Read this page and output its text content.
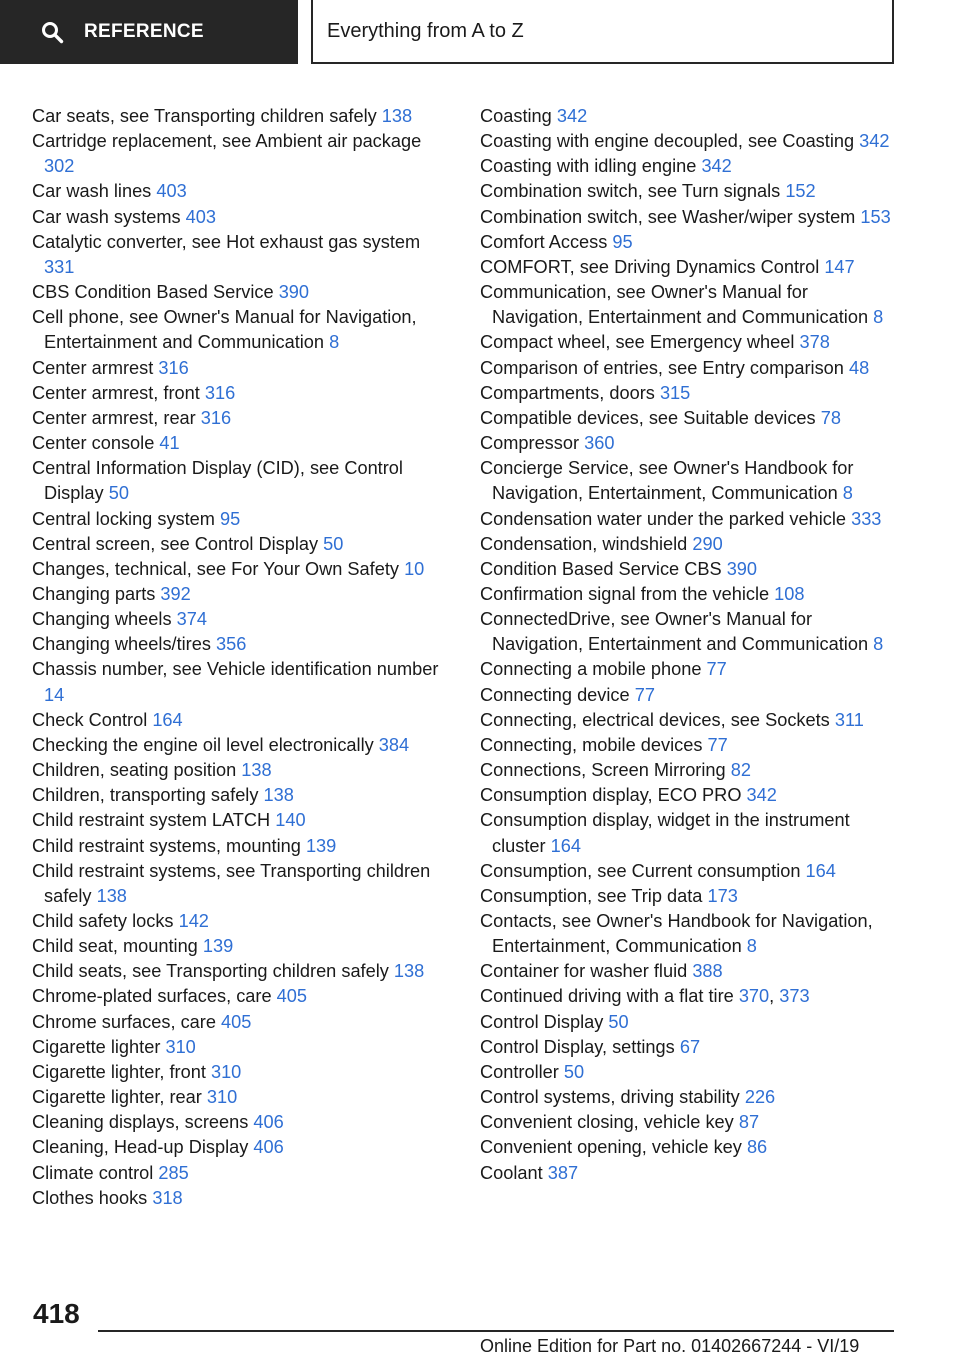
REFERENCE	Everything from A to Z

Car seats, see Transporting children safely 138

Cartridge replacement, see Ambient air package 302

Car wash lines 403

Car wash systems 403

Catalytic converter, see Hot exhaust gas system 331

CBS Condition Based Service 390

Cell phone, see Owner's Manual for Navigation, Entertainment and Communication 8

Center armrest 316

Center armrest, front 316

Center armrest, rear 316

Center console 41

Central Information Display (CID), see Control Display 50

Central locking system 95

Central screen, see Control Display 50

Changes, technical, see For Your Own Safety 10

Changing parts 392

Changing wheels 374

Changing wheels/tires 356

Chassis number, see Vehicle identification number 14

Check Control 164

Checking the engine oil level electronically 384

Children, seating position 138

Children, transporting safely 138

Child restraint system LATCH 140

Child restraint systems, mounting 139

Child restraint systems, see Transporting children safely 138

Child safety locks 142

Child seat, mounting 139

Child seats, see Transporting children safely 138

Chrome-plated surfaces, care 405

Chrome surfaces, care 405

Cigarette lighter 310

Cigarette lighter, front 310

Cigarette lighter, rear 310

Cleaning displays, screens 406

Cleaning, Head-up Display 406

Climate control 285

Clothes hooks 318

Coasting 342

Coasting with engine decoupled, see Coasting 342

Coasting with idling engine 342

Combination switch, see Turn signals 152

Combination switch, see Washer/wiper system 153

Comfort Access 95

COMFORT, see Driving Dynamics Control 147

Communication, see Owner's Manual for Navigation, Entertainment and Communication 8

Compact wheel, see Emergency wheel 378

Comparison of entries, see Entry comparison 48

Compartments, doors 315

Compatible devices, see Suitable devices 78

Compressor 360

Concierge Service, see Owner's Handbook for Navigation, Entertainment, Communication 8

Condensation water under the parked vehicle 333

Condensation, windshield 290

Condition Based Service CBS 390

Confirmation signal from the vehicle 108

ConnectedDrive, see Owner's Manual for Navigation, Entertainment and Communication 8

Connecting a mobile phone 77

Connecting device 77

Connecting, electrical devices, see Sockets 311

Connecting, mobile devices 77

Connections, Screen Mirroring 82

Consumption display, ECO PRO 342

Consumption display, widget in the instrument cluster 164

Consumption, see Current consumption 164

Consumption, see Trip data 173

Contacts, see Owner's Handbook for Navigation, Entertainment, Communication 8

Container for washer fluid 388

Continued driving with a flat tire 370, 373

Control Display 50

Control Display, settings 67

Controller 50

Control systems, driving stability 226

Convenient closing, vehicle key 87

Convenient opening, vehicle key 86

Coolant 387

418
Online Edition for Part no. 01402667244 - VI/19
